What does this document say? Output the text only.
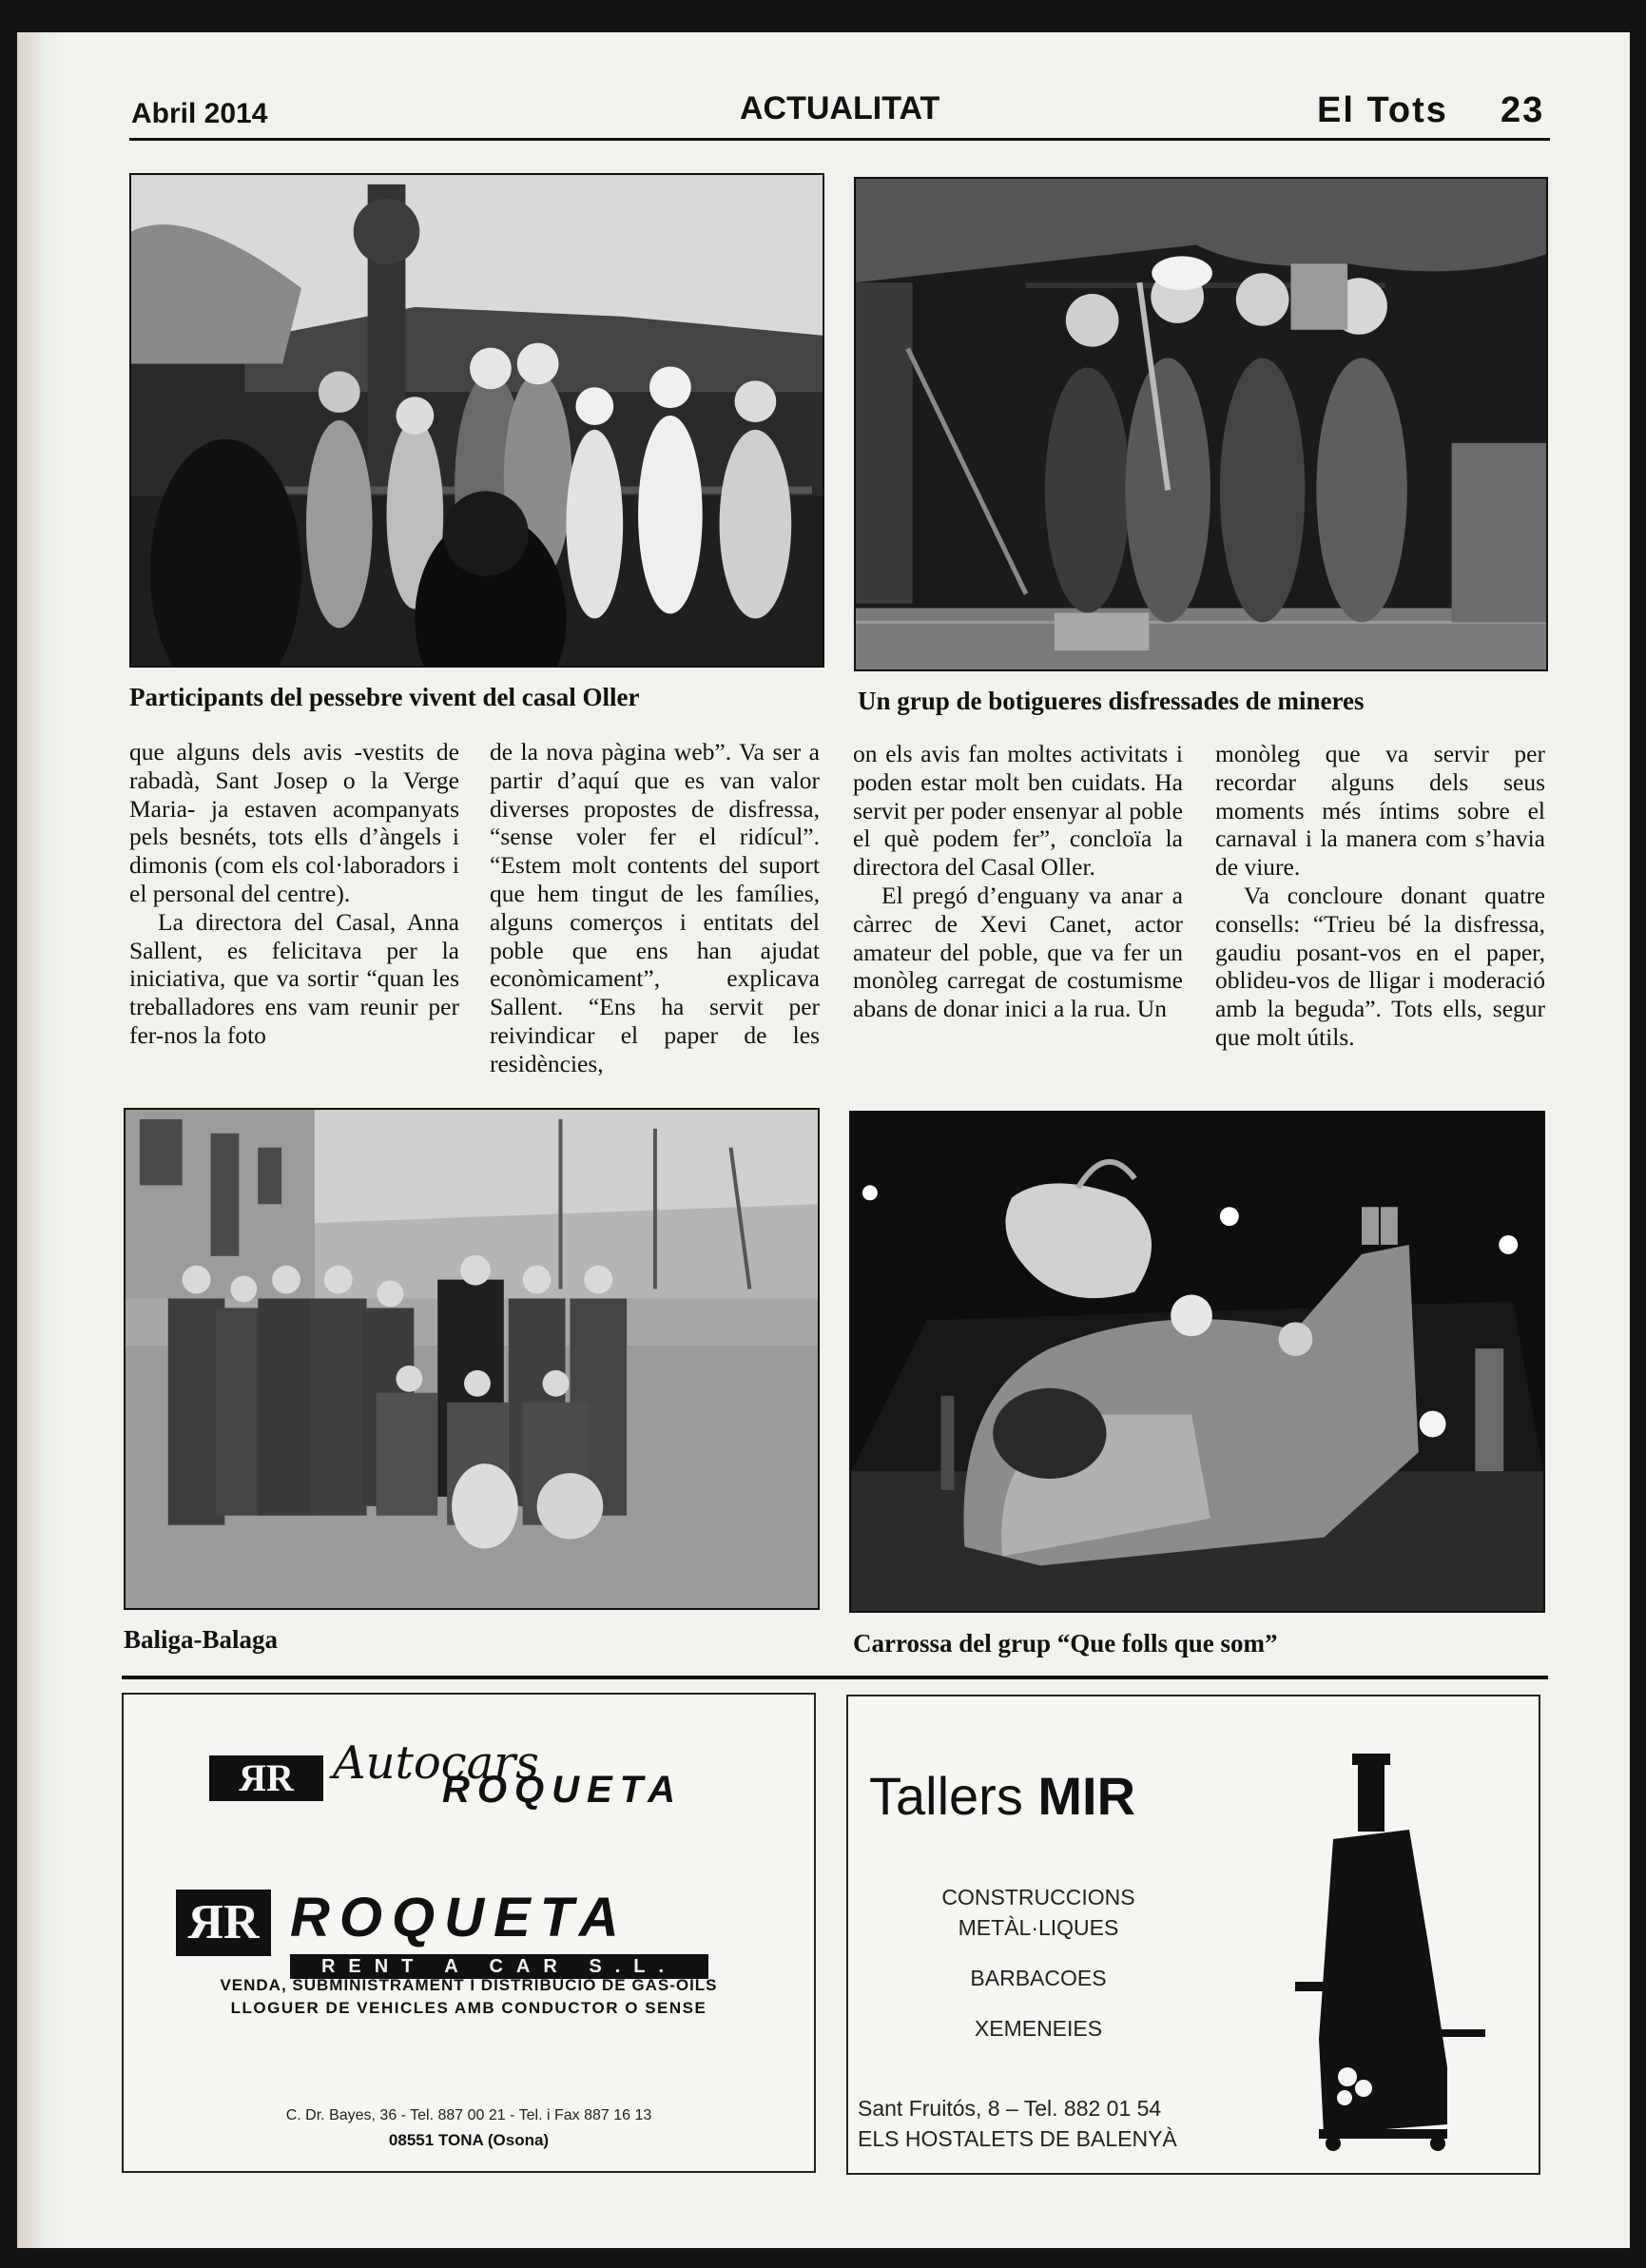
Abril 2014	ACTUALITAT	El Tots 23
Participants del pessebre vivent del casal Oller	Un grup de botigueres disfressades de mineres

que alguns dels avis -vestits de rabadà, Sant Josep o la Verge Maria- ja estaven acompanyats pels besnéts, tots ells d’àngels i dimonis (com els col·laboradors i el personal del centre).

La directora del Casal, Anna Sallent, es felicitava per la iniciativa, que va sortir “quan les treballadores ens vam reunir per fer-nos la foto

de la nova pàgina web”. Va ser a partir d’aquí que es van valor diverses propostes de disfressa, “sense voler fer el ridícul”. “Estem molt contents del suport que hem tingut de les famílies, alguns comerços i entitats del poble que ens han ajudat econòmicament”, explicava Sallent. “Ens ha servit per reivindicar el paper de les residències,

on els avis fan moltes activitats i poden estar molt ben cuidats. Ha servit per poder ensenyar al poble el què podem fer”, concloïa la directora del Casal Oller.

El pregó d’enguany va anar a càrrec de Xevi Canet, actor amateur del poble, que va fer un monòleg carregat de costumisme abans de donar inici a la rua. Un

monòleg que va servir per recordar alguns dels seus moments més íntims sobre el carnaval i la manera com s’havia de viure.

Va concloure donant quatre consells: “Trieu bé la disfressa, gaudiu posant-vos en el paper, oblideu-vos de lligar i moderació amb la beguda”. Tots ells, segur que molt útils.

Baliga-Balaga	Carrossa del grup “Que folls que som”
ЯR Autocars
ROQUETA
ЯR ROQUETA
RENT A CAR S.L.
VENDA, SUBMINISTRAMENT I DISTRIBUCIÓ DE GAS-OILS
LLOGUER DE VEHICLES AMB CONDUCTOR O SENSE
C. Dr. Bayes, 36 - Tel. 887 00 21 - Tel. i Fax 887 16 13
08551 TONA (Osona)
Tallers MIR
CONSTRUCCIONS
METÀL·LIQUES
BARBACOES
XEMENEIES
Sant Fruitós, 8 – Tel. 882 01 54
ELS HOSTALETS DE BALENYÀ
